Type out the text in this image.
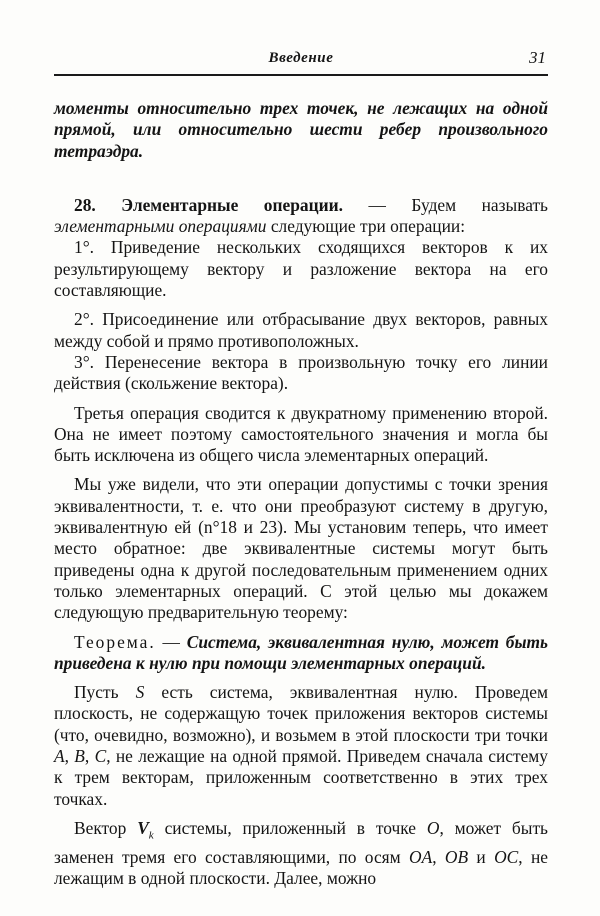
Введение	31

моменты относительно трех точек, не лежащих на одной прямой, или относительно шести ребер произвольного тетраэдра.

28. Элементарные операции. — Будем называть элементарными операциями следующие три операции:

1°. Приведение нескольких сходящихся векторов к их результирующему вектору и разложение вектора на его составляющие.

2°. Присоединение или отбрасывание двух векторов, равных между собой и прямо противоположных.

3°. Перенесение вектора в произвольную точку его линии действия (скольжение вектора).

Третья операция сводится к двукратному применению второй. Она не имеет поэтому самостоятельного значения и могла бы быть исключена из общего числа элементарных операций.

Мы уже видели, что эти операции допустимы с точки зрения эквивалентности, т. е. что они преобразуют систему в другую, эквивалентную ей (n°18 и 23). Мы установим теперь, что имеет место обратное: две эквивалентные системы могут быть приведены одна к другой последовательным применением одних только элементарных операций. С этой целью мы докажем следующую предварительную теорему:

Теорема. — Система, эквивалентная нулю, может быть приведена к нулю при помощи элементарных операций.

Пусть S есть система, эквивалентная нулю. Проведем плоскость, не содержащую точек приложения векторов системы (что, очевидно, возможно), и возьмем в этой плоскости три точки A, B, C, не лежащие на одной прямой. Приведем сначала систему к трем векторам, приложенным соответственно в этих трех точках.

Вектор $V_k$ системы, приложенный в точке O, может быть заменен тремя его составляющими, по осям OA, OB и OC, не лежащим в одной плоскости. Далее, можно
